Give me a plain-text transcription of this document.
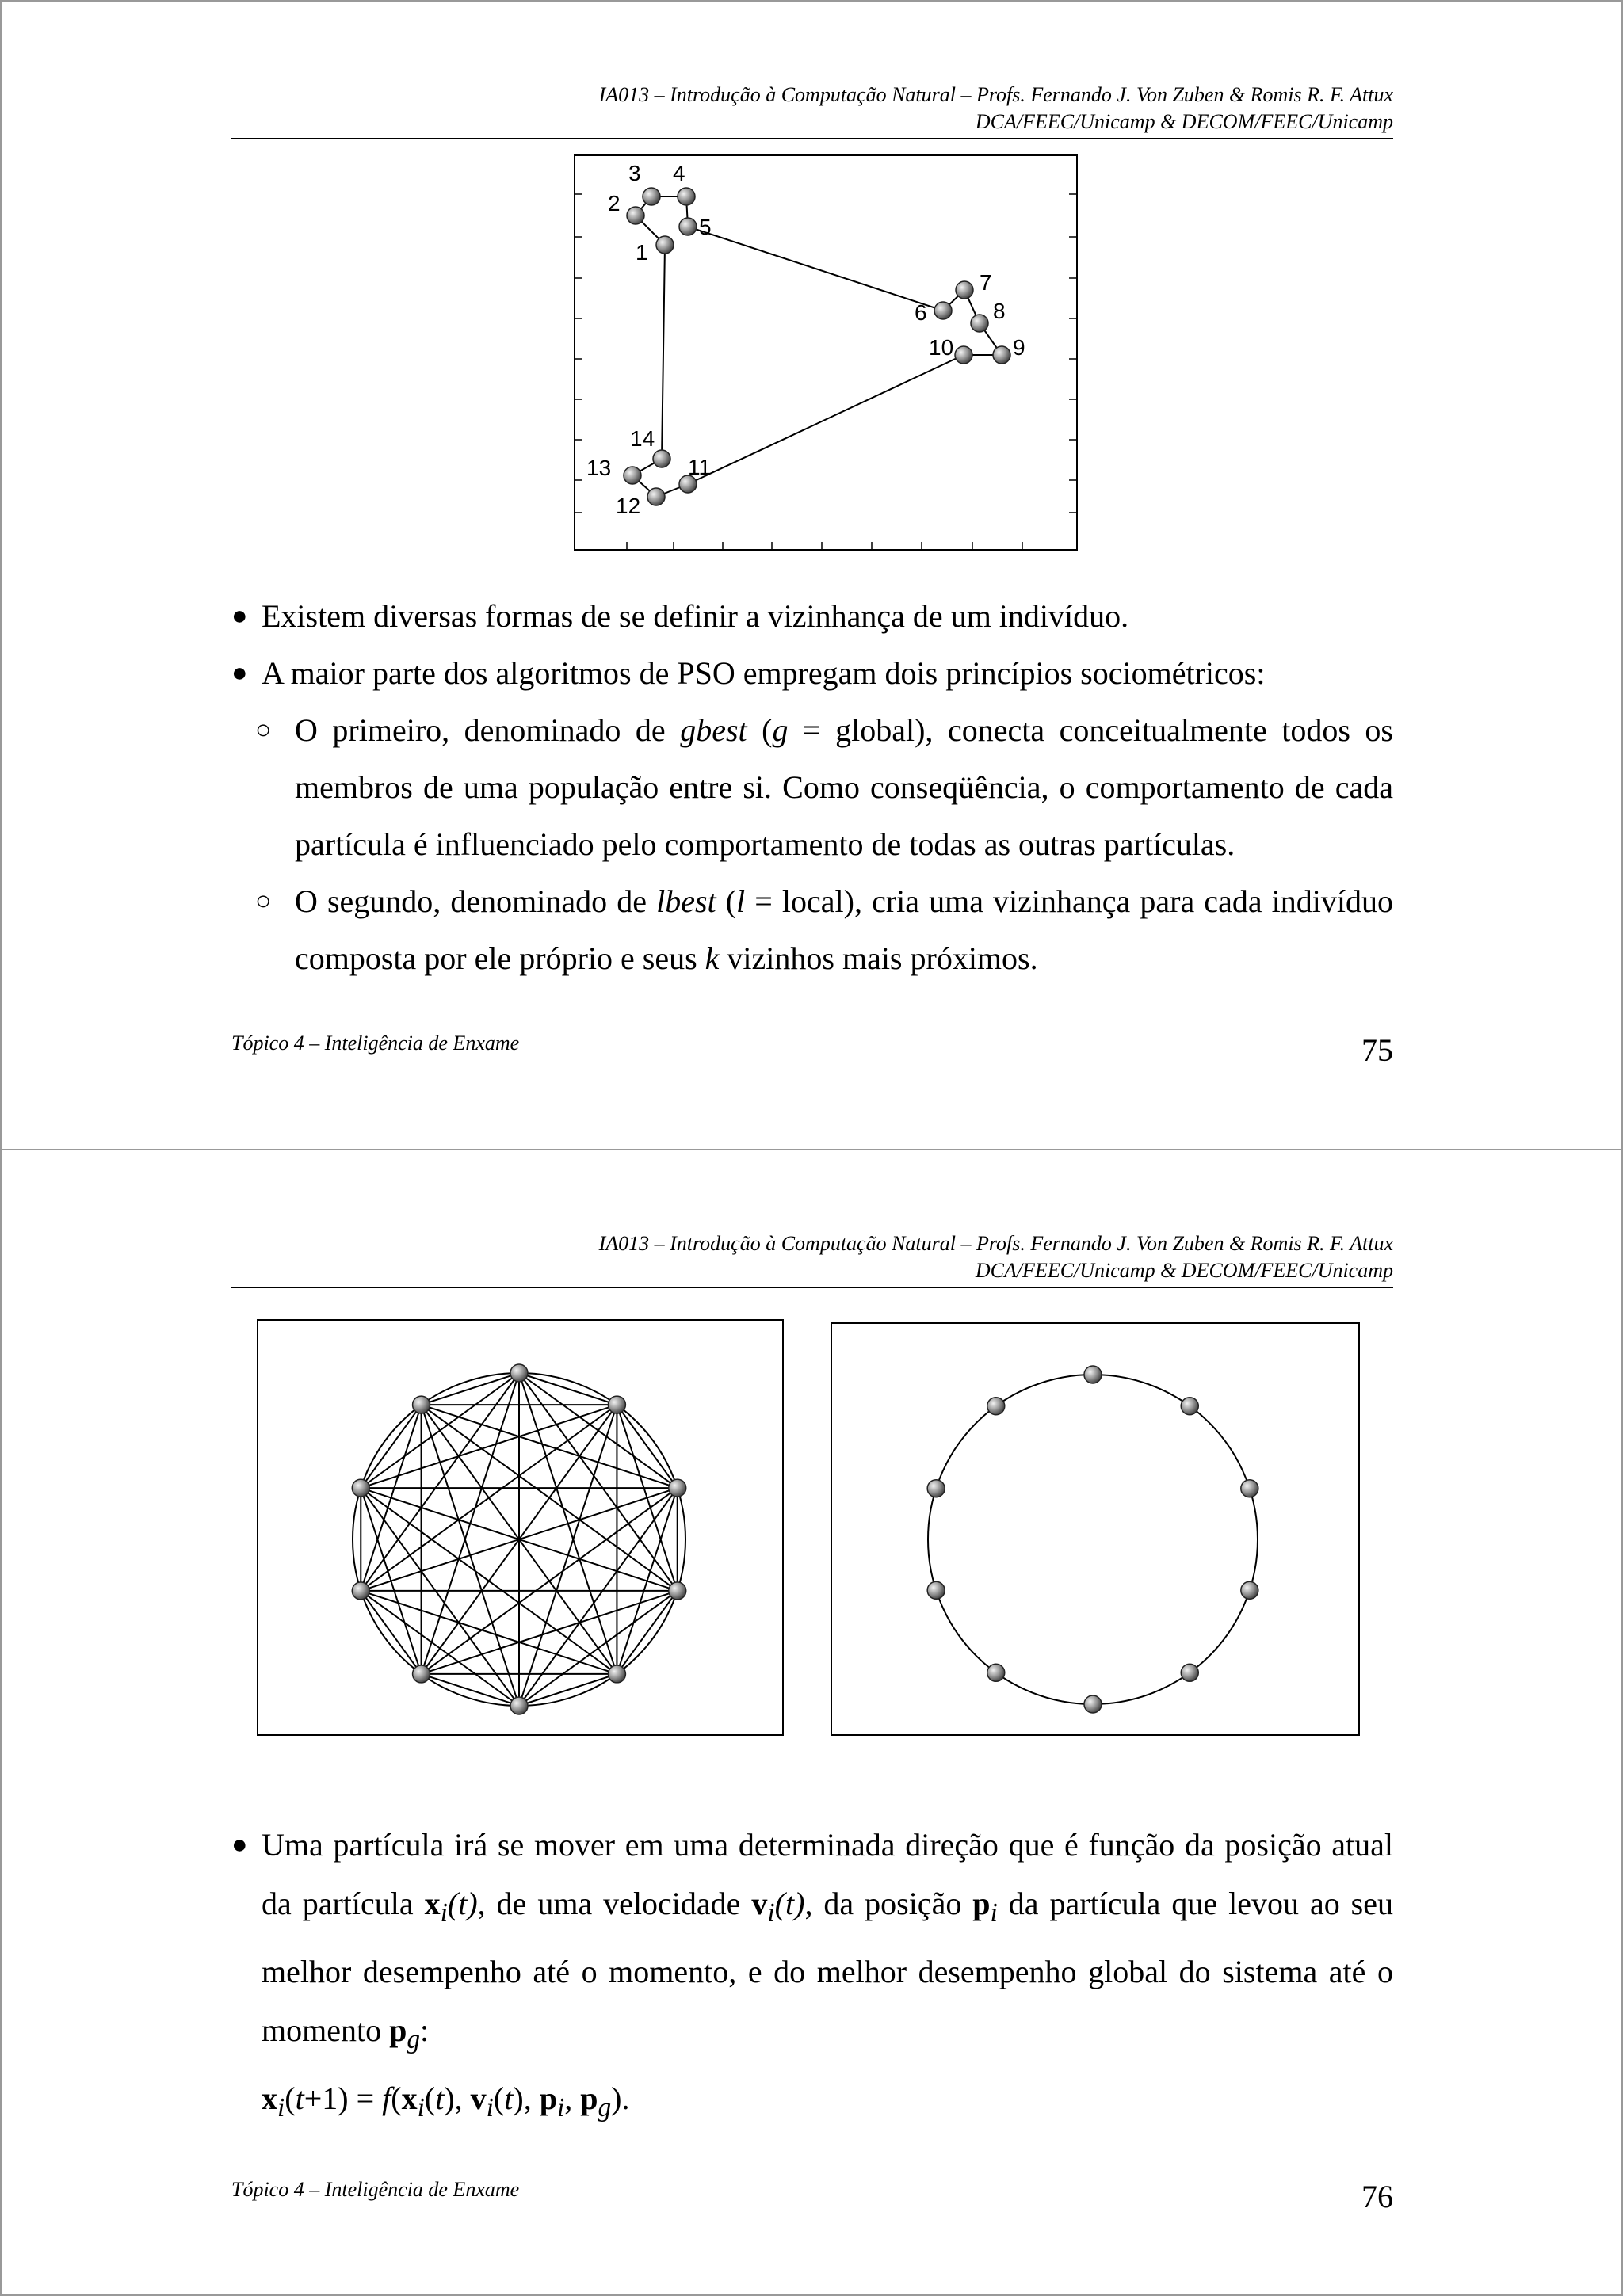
IA013 – Introdução à Computação Natural – Profs. Fernando J. Von Zuben & Romis R. F. Attux
DCA/FEEC/Unicamp & DECOM/FEEC/Unicamp
1
2
3 4
5
6
7
8
9
10
11
12
13
14
● Existem diversas formas de se definir a vizinhança de um indivíduo.
● A maior parte dos algoritmos de PSO empregam dois princípios sociométricos:
○ O primeiro, denominado de gbest (g = global), conecta conceitualmente todos os membros de uma população entre si. Como conseqüência, o comportamento de cada partícula é influenciado pelo comportamento de todas as outras partículas.
○ O segundo, denominado de lbest (l = local), cria uma vizinhança para cada indivíduo composta por ele próprio e seus k vizinhos mais próximos.
Tópico 4 – Inteligência de Enxame	75
IA013 – Introdução à Computação Natural – Profs. Fernando J. Von Zuben & Romis R. F. Attux
DCA/FEEC/Unicamp & DECOM/FEEC/Unicamp
● Uma partícula irá se mover em uma determinada direção que é função da posição atual da partícula $x_i(t)$, de uma velocidade $v_i(t)$, da posição $p_i$ da partícula que levou ao seu melhor desempenho até o momento, e do melhor desempenho global do sistema até o momento $p_g$:
$x_i(t+1) = f(x_i(t)$, $v_i(t)$, $p_i$, $p_g$).
Tópico 4 – Inteligência de Enxame	76
